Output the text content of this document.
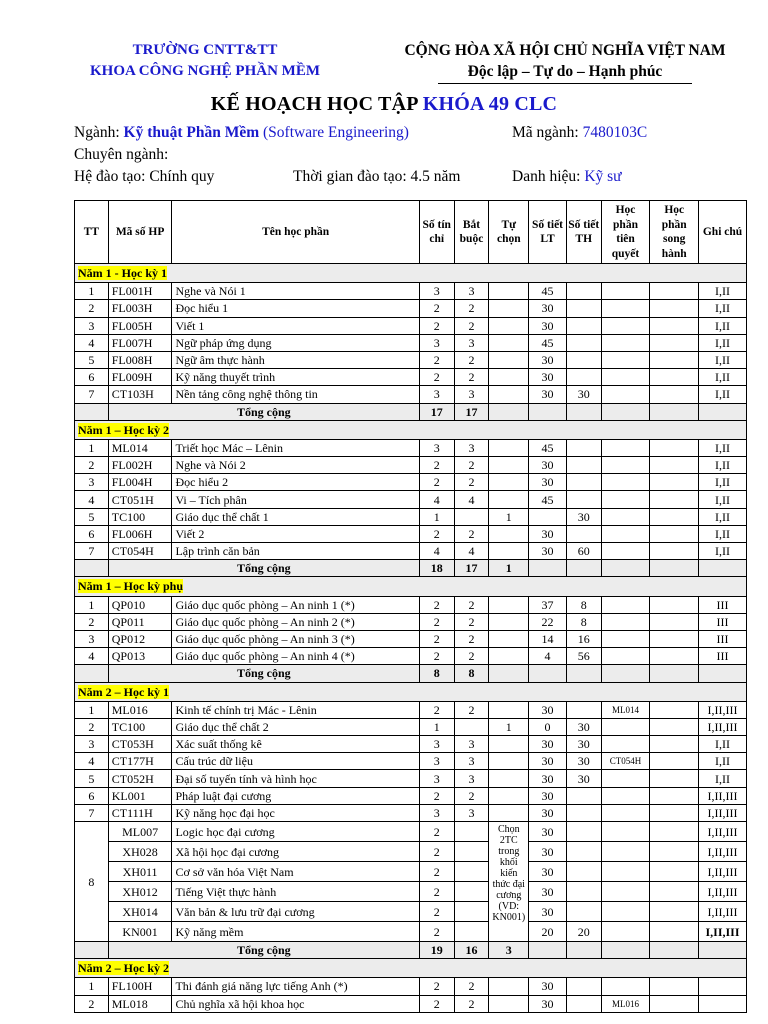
TRƯỜNG CNTT&TT
KHOA CÔNG NGHỆ PHẦN MỀM
CỘNG HÒA XÃ HỘI CHỦ NGHĨA VIỆT NAM
Độc lập – Tự do – Hạnh phúc
KẾ HOẠCH HỌC TẬP KHÓA 49 CLC
Ngành: Kỹ thuật Phần Mềm (Software Engineering)	Mã ngành: 7480103C
Chuyên ngành:
Hệ đào tạo: Chính quy	Thời gian đào tạo: 4.5 năm	Danh hiệu: Kỹ sư
TT	Mã số HP	Tên học phần	Số tín chỉ	Bắt buộc	Tự chọn	Số tiết LT	Số tiết TH	Học phần tiên quyết	Học phần song hành	Ghi chú
Năm 1 - Học kỳ 1										
1	FL001H	Nghe và Nói 1	3	3		45				I,II
2	FL003H	Đọc hiểu 1	2	2		30				I,II
3	FL005H	Viết 1	2	2		30				I,II
4	FL007H	Ngữ pháp ứng dụng	3	3		45				I,II
5	FL008H	Ngữ âm thực hành	2	2		30				I,II
6	FL009H	Kỹ năng thuyết trình	2	2		30				I,II
7	CT103H	Nền tảng công nghệ thông tin	3	3		30	30			I,II
	Tổng cộng		17	17						
Năm 1 – Học kỳ 2										
1	ML014	Triết học Mác – Lênin	3	3		45				I,II
2	FL002H	Nghe và Nói 2	2	2		30				I,II
3	FL004H	Đọc hiểu 2	2	2		30				I,II
4	CT051H	Vi – Tích phân	4	4		45				I,II
5	TC100	Giáo dục thể chất 1	1		1		30			I,II
6	FL006H	Viết 2	2	2		30				I,II
7	CT054H	Lập trình căn bản	4	4		30	60			I,II
	Tổng cộng		18	17	1					
Năm 1 – Học kỳ phụ										
1	QP010	Giáo dục quốc phòng – An ninh 1 (*)	2	2		37	8			III
2	QP011	Giáo dục quốc phòng – An ninh 2 (*)	2	2		22	8			III
3	QP012	Giáo dục quốc phòng – An ninh 3 (*)	2	2		14	16			III
4	QP013	Giáo dục quốc phòng – An ninh 4 (*)	2	2		4	56			III
	Tổng cộng		8	8						
Năm 2 – Học kỳ 1										
1	ML016	Kinh tế chính trị Mác - Lênin	2	2		30		ML014		I,II,III
2	TC100	Giáo dục thể chất 2	1		1	0	30			I,II,III
3	CT053H	Xác suất thống kê	3	3		30	30			I,II
4	CT177H	Cấu trúc dữ liệu	3	3		30	30	CT054H		I,II
5	CT052H	Đại số tuyến tính và hình học	3	3		30	30			I,II
6	KL001	Pháp luật đại cương	2	2		30				I,II,III
7	CT111H	Kỹ năng học đại học	3	3		30				I,II,III
8	ML007	Logic học đại cương	2		Chọn 2TC trong khối kiến thức đại cương (VD: KN001)	30				I,II,III
	XH028	Xã hội học đại cương	2			30				I,II,III
	XH011	Cơ sở văn hóa Việt Nam	2			30				I,II,III
	XH012	Tiếng Việt thực hành	2			30				I,II,III
	XH014	Văn bản & lưu trữ đại cương	2			30				I,II,III
	KN001	Kỹ năng mềm	2			20	20			I,II,III
	Tổng cộng		19	16	3					
Năm 2 – Học kỳ 2										
1	FL100H	Thi đánh giá năng lực tiếng Anh (*)	2	2		30				
2	ML018	Chủ nghĩa xã hội khoa học	2	2		30		ML016		
